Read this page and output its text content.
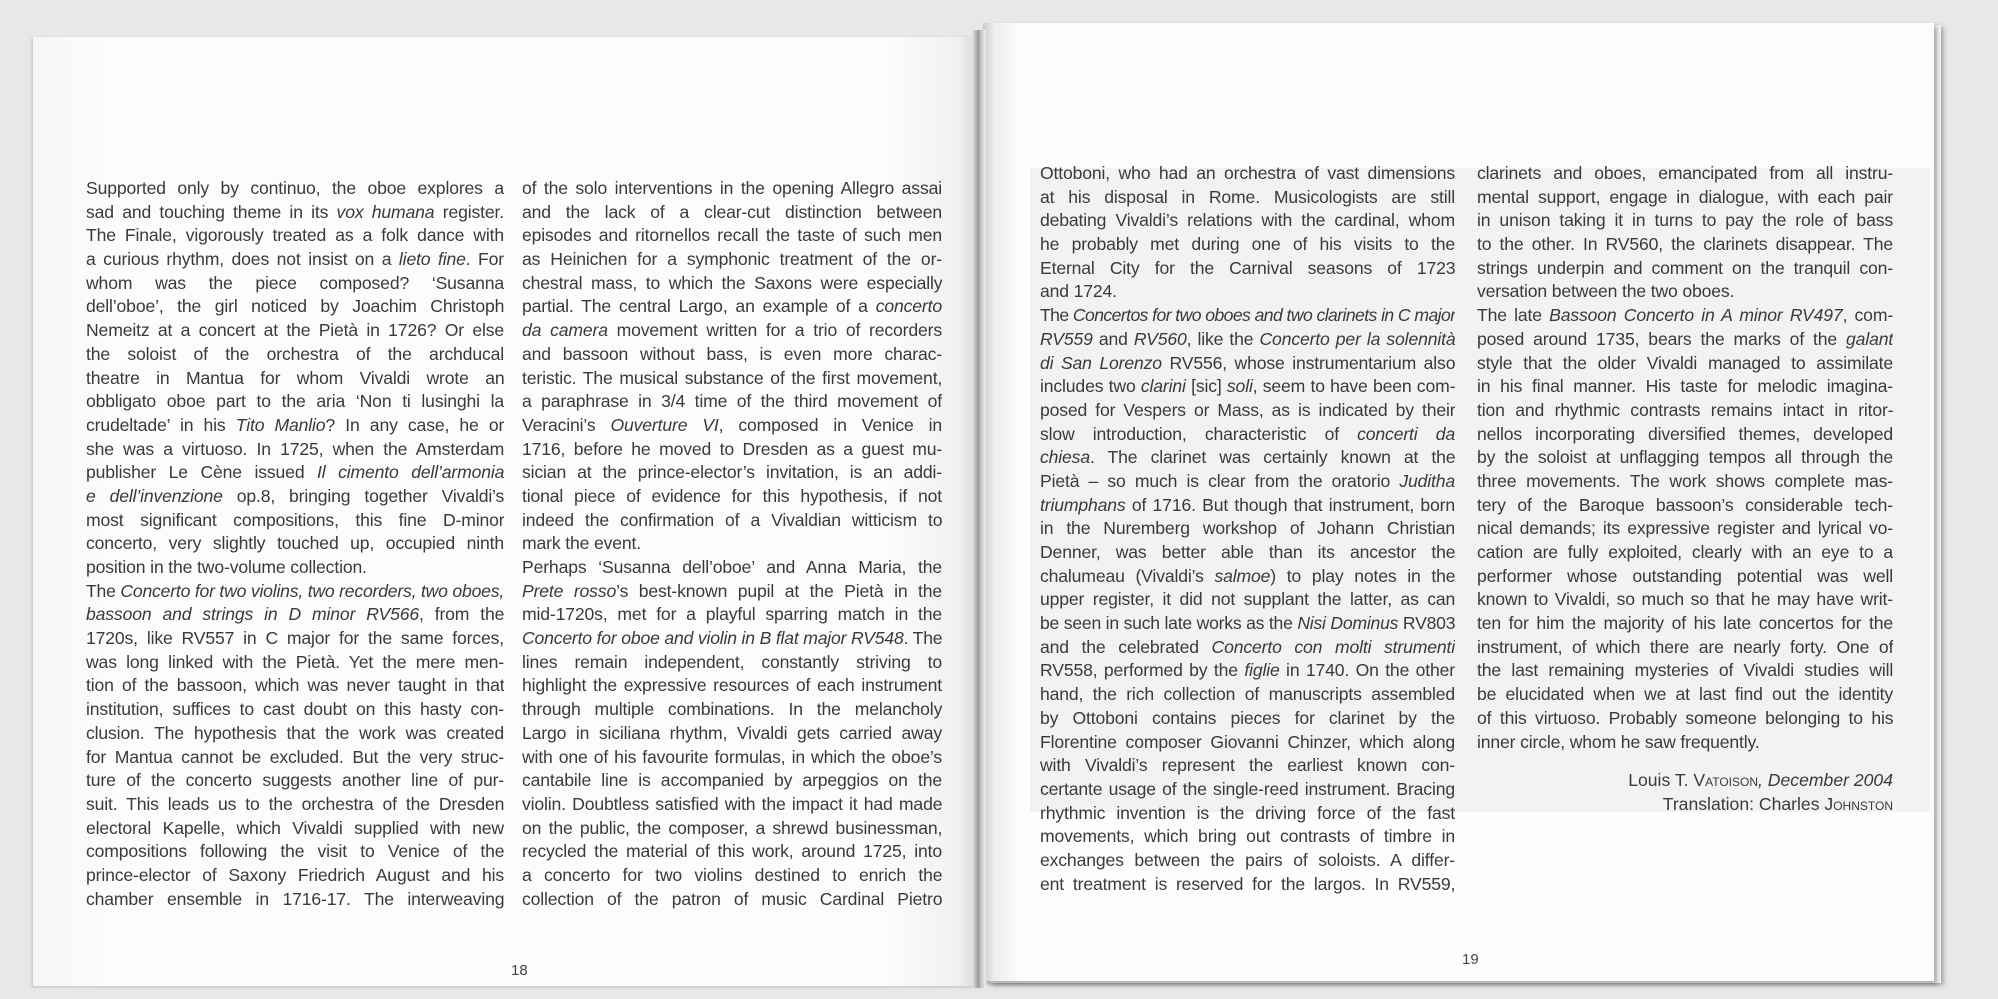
Supported only by continuo, the oboe explores a
sad and touching theme in its vox humana register.
The Finale, vigorously treated as a folk dance with
a curious rhythm, does not insist on a lieto fine. For
whom was the piece composed? ‘Susanna
dell’oboe’, the girl noticed by Joachim Christoph
Nemeitz at a concert at the Pietà in 1726? Or else
the soloist of the orchestra of the archducal
theatre in Mantua for whom Vivaldi wrote an
obbligato oboe part to the aria ‘Non ti lusinghi la
crudeltade’ in his Tito Manlio? In any case, he or
she was a virtuoso. In 1725, when the Amsterdam
publisher Le Cène issued Il cimento dell’armonia
e dell’invenzione op.8, bringing together Vivaldi’s
most significant compositions, this fine D-minor
concerto, very slightly touched up, occupied ninth
position in the two-volume collection.
The Concerto for two violins, two recorders, two oboes,
bassoon and strings in D minor RV566, from the
1720s, like RV557 in C major for the same forces,
was long linked with the Pietà. Yet the mere men-
tion of the bassoon, which was never taught in that
institution, suffices to cast doubt on this hasty con-
clusion. The hypothesis that the work was created
for Mantua cannot be excluded. But the very struc-
ture of the concerto suggests another line of pur-
suit. This leads us to the orchestra of the Dresden
electoral Kapelle, which Vivaldi supplied with new
compositions following the visit to Venice of the
prince-elector of Saxony Friedrich August and his
chamber ensemble in 1716-17. The interweaving
of the solo interventions in the opening Allegro assai
and the lack of a clear-cut distinction between
episodes and ritornellos recall the taste of such men
as Heinichen for a symphonic treatment of the or-
chestral mass, to which the Saxons were especially
partial. The central Largo, an example of a concerto
da camera movement written for a trio of recorders
and bassoon without bass, is even more charac-
teristic. The musical substance of the first movement,
a paraphrase in 3/4 time of the third movement of
Veracini’s Ouverture VI, composed in Venice in
1716, before he moved to Dresden as a guest mu-
sician at the prince-elector’s invitation, is an addi-
tional piece of evidence for this hypothesis, if not
indeed the confirmation of a Vivaldian witticism to
mark the event.
Perhaps ‘Susanna dell’oboe’ and Anna Maria, the
Prete rosso’s best-known pupil at the Pietà in the
mid-1720s, met for a playful sparring match in the
Concerto for oboe and violin in B flat major RV548. The
lines remain independent, constantly striving to
highlight the expressive resources of each instrument
through multiple combinations. In the melancholy
Largo in siciliana rhythm, Vivaldi gets carried away
with one of his favourite formulas, in which the oboe’s
cantabile line is accompanied by arpeggios on the
violin. Doubtless satisfied with the impact it had made
on the public, the composer, a shrewd businessman,
recycled the material of this work, around 1725, into
a concerto for two violins destined to enrich the
collection of the patron of music Cardinal Pietro
Ottoboni, who had an orchestra of vast dimensions
at his disposal in Rome. Musicologists are still
debating Vivaldi’s relations with the cardinal, whom
he probably met during one of his visits to the
Eternal City for the Carnival seasons of 1723
and 1724.
The Concertos for two oboes and two clarinets in C major
RV559 and RV560, like the Concerto per la solennità
di San Lorenzo RV556, whose instrumentarium also
includes two clarini [sic] soli, seem to have been com-
posed for Vespers or Mass, as is indicated by their
slow introduction, characteristic of concerti da
chiesa. The clarinet was certainly known at the
Pietà – so much is clear from the oratorio Juditha
triumphans of 1716. But though that instrument, born
in the Nuremberg workshop of Johann Christian
Denner, was better able than its ancestor the
chalumeau (Vivaldi’s salmoe) to play notes in the
upper register, it did not supplant the latter, as can
be seen in such late works as the Nisi Dominus RV803
and the celebrated Concerto con molti strumenti
RV558, performed by the figlie in 1740. On the other
hand, the rich collection of manuscripts assembled
by Ottoboni contains pieces for clarinet by the
Florentine composer Giovanni Chinzer, which along
with Vivaldi’s represent the earliest known con-
certante usage of the single-reed instrument. Bracing
rhythmic invention is the driving force of the fast
movements, which bring out contrasts of timbre in
exchanges between the pairs of soloists. A differ-
ent treatment is reserved for the largos. In RV559,
clarinets and oboes, emancipated from all instru-
mental support, engage in dialogue, with each pair
in unison taking it in turns to pay the role of bass
to the other. In RV560, the clarinets disappear. The
strings underpin and comment on the tranquil con-
versation between the two oboes.
The late Bassoon Concerto in A minor RV497, com-
posed around 1735, bears the marks of the galant
style that the older Vivaldi managed to assimilate
in his final manner. His taste for melodic imagina-
tion and rhythmic contrasts remains intact in ritor-
nellos incorporating diversified themes, developed
by the soloist at unflagging tempos all through the
three movements. The work shows complete mas-
tery of the Baroque bassoon’s considerable tech-
nical demands; its expressive register and lyrical vo-
cation are fully exploited, clearly with an eye to a
performer whose outstanding potential was well
known to Vivaldi, so much so that he may have writ-
ten for him the majority of his late concertos for the
instrument, of which there are nearly forty. One of
the last remaining mysteries of Vivaldi studies will
be elucidated when we at last find out the identity
of this virtuoso. Probably someone belonging to his
inner circle, whom he saw frequently.
Louis T. Vatoison, December 2004
Translation: Charles Johnston
18
19
